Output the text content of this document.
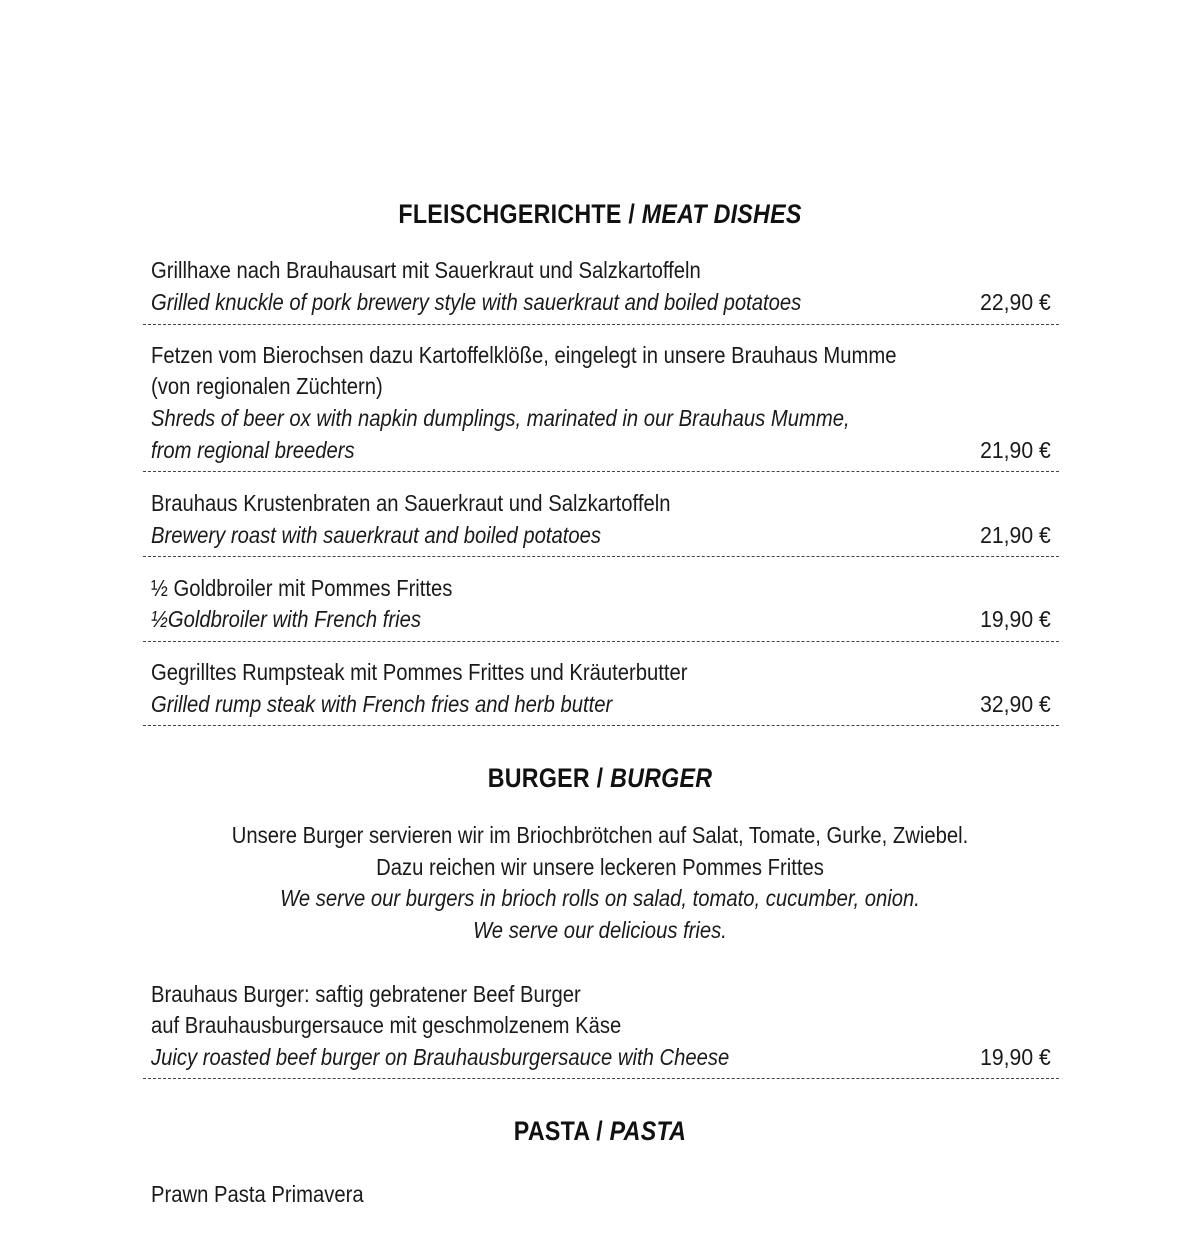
FLEISCHGERICHTE / MEAT DISHES
Grillhaxe nach Brauhausart mit Sauerkraut und Salzkartoffeln
Grilled knuckle of pork brewery style with sauerkraut and boiled potatoes	22,90 €
Fetzen vom Bierochsen dazu Kartoffelklöße, eingelegt in unsere Brauhaus Mumme
(von regionalen Züchtern)
Shreds of beer ox with napkin dumplings, marinated in our Brauhaus Mumme,
from regional breeders	21,90 €
Brauhaus Krustenbraten an Sauerkraut und Salzkartoffeln
Brewery roast with sauerkraut and boiled potatoes	21,90 €
½ Goldbroiler mit Pommes Frittes
½Goldbroiler with French fries	19,90 €
Gegrilltes Rumpsteak mit Pommes Frittes und Kräuterbutter
Grilled rump steak with French fries and herb butter	32,90 €
BURGER / BURGER
Unsere Burger servieren wir im Briochbrötchen auf Salat, Tomate, Gurke, Zwiebel.
Dazu reichen wir unsere leckeren Pommes Frittes
We serve our burgers in brioch rolls on salad, tomato, cucumber, onion.
We serve our delicious fries.
Brauhaus Burger: saftig gebratener Beef Burger
auf Brauhausburgersauce mit geschmolzenem Käse
Juicy roasted beef burger on Brauhausburgersauce with Cheese	19,90 €
PASTA / PASTA
Prawn Pasta Primavera
